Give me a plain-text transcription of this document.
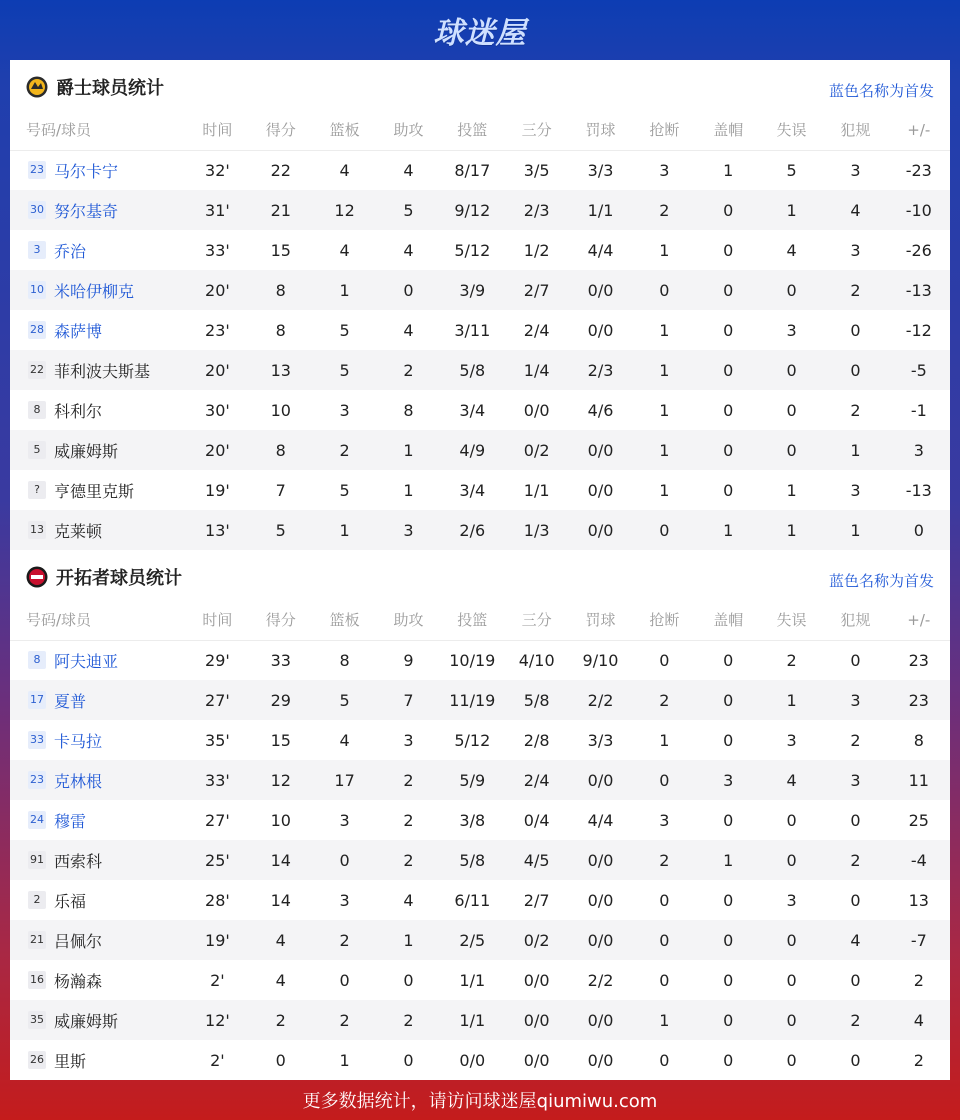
球迷屋
爵士球员统计	蓝色名称为首发
号码/球员	时间	得分	篮板	助攻	投篮	三分	罚球	抢断	盖帽	失误	犯规	+/-
23 马尔卡宁	32'	22	4	4	8/17	3/5	3/3	3	1	5	3	-23
30 努尔基奇	31'	21	12	5	9/12	2/3	1/1	2	0	1	4	-10
3 乔治	33'	15	4	4	5/12	1/2	4/4	1	0	4	3	-26
10 米哈伊柳克	20'	8	1	0	3/9	2/7	0/0	0	0	0	2	-13
28 森萨博	23'	8	5	4	3/11	2/4	0/0	1	0	3	0	-12
22 菲利波夫斯基	20'	13	5	2	5/8	1/4	2/3	1	0	0	0	-5
8 科利尔	30'	10	3	8	3/4	0/0	4/6	1	0	0	2	-1
5 威廉姆斯	20'	8	2	1	4/9	0/2	0/0	1	0	0	1	3
? 亨德里克斯	19'	7	5	1	3/4	1/1	0/0	1	0	1	3	-13
13 克莱顿	13'	5	1	3	2/6	1/3	0/0	0	1	1	1	0
开拓者球员统计	蓝色名称为首发
号码/球员	时间	得分	篮板	助攻	投篮	三分	罚球	抢断	盖帽	失误	犯规	+/-
8 阿夫迪亚	29'	33	8	9	10/19	4/10	9/10	0	0	2	0	23
17 夏普	27'	29	5	7	11/19	5/8	2/2	2	0	1	3	23
33 卡马拉	35'	15	4	3	5/12	2/8	3/3	1	0	3	2	8
23 克林根	33'	12	17	2	5/9	2/4	0/0	0	3	4	3	11
24 穆雷	27'	10	3	2	3/8	0/4	4/4	3	0	0	0	25
91 西索科	25'	14	0	2	5/8	4/5	0/0	2	1	0	2	-4
2 乐福	28'	14	3	4	6/11	2/7	0/0	0	0	3	0	13
21 吕佩尔	19'	4	2	1	2/5	0/2	0/0	0	0	0	4	-7
16 杨瀚森	2'	4	0	0	1/1	0/0	2/2	0	0	0	0	2
35 威廉姆斯	12'	2	2	2	1/1	0/0	0/0	1	0	0	2	4
26 里斯	2'	0	1	0	0/0	0/0	0/0	0	0	0	0	2
更多数据统计，请访问球迷屋qiumiwu.com
